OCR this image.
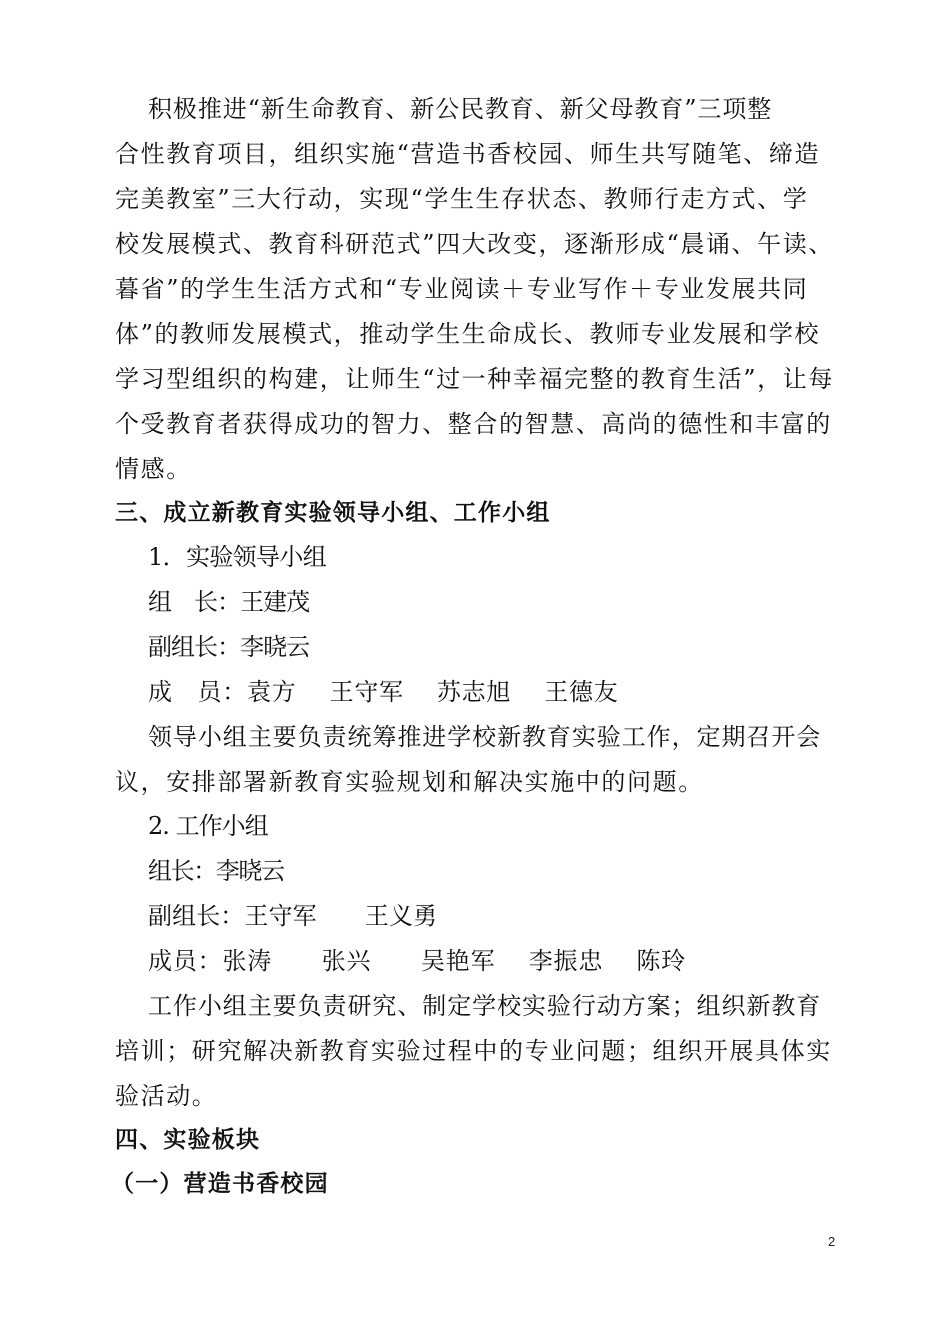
积极推进“新生命教育、新公民教育、新父母教育”三项整
合性教育项目，组织实施“营造书香校园、师生共写随笔、缔造
完美教室”三大行动，实现“学生生存状态、教师行走方式、学
校发展模式、教育科研范式”四大改变，逐渐形成“晨诵、午读、
暮省”的学生生活方式和“专业阅读＋专业写作＋专业发展共同
体”的教师发展模式，推动学生生命成长、教师专业发展和学校
学习型组织的构建，让师生“过一种幸福完整的教育生活”，让每
个受教育者获得成功的智力、整合的智慧、高尚的德性和丰富的
情感。
三、成立新教育实验领导小组、工作小组
1．实验领导小组
组　长：王建茂
副组长：李晓云
成　员：袁方　 王守军　 苏志旭　 王德友
领导小组主要负责统筹推进学校新教育实验工作，定期召开会
议，安排部署新教育实验规划和解决实施中的问题。
2. 工作小组
组长：李晓云
副组长：王守军　　王义勇
成员：张涛　　张兴　　吴艳军　 李振忠　 陈玲
工作小组主要负责研究、制定学校实验行动方案；组织新教育
培训；研究解决新教育实验过程中的专业问题；组织开展具体实
验活动。
四、实验板块
（一）营造书香校园
2
